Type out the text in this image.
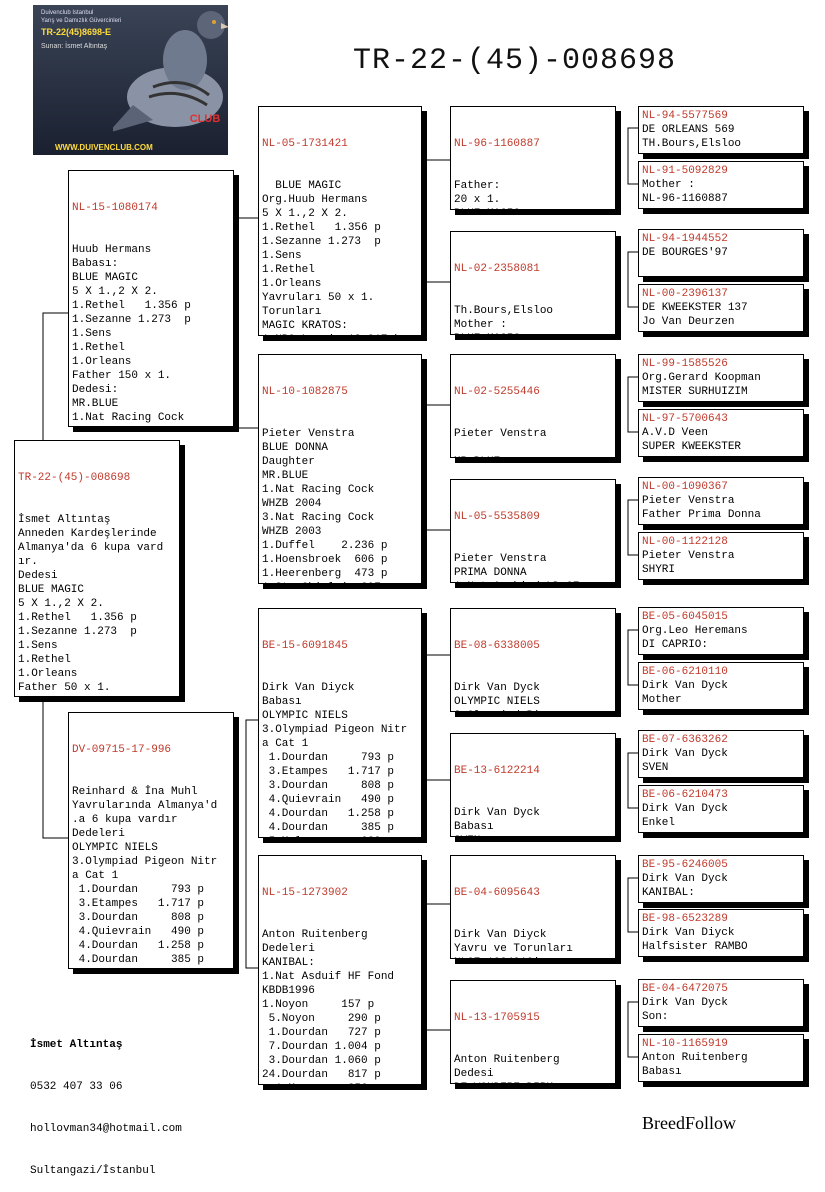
Duivenclub Istanbul
Yarış ve Damızlık Güvercinleri
TR-22(45)8698-E
Sunan: İsmet Altıntaş
CLUB
WWW.DUIVENCLUB.COM
TR-22-(45)-008698

TR-22-(45)-008698

İsmet Altıntaş
Anneden Kardeşlerinde
Almanya'da 6 kupa vard
ır.
Dedesi
BLUE MAGIC
5 X 1.,2 X 2.
1.Rethel   1.356 p
1.Sezanne 1.273  p
1.Sens
1.Rethel
1.Orleans
Father 50 x 1.

NL-15-1080174

Huub Hermans
Babası:
BLUE MAGIC
5 X 1.,2 X 2.
1.Rethel   1.356 p
1.Sezanne 1.273  p
1.Sens
1.Rethel
1.Orleans
Father 150 x 1.
Dedesi:
MR.BLUE
1.Nat Racing Cock

DV-09715-17-996

Reinhard & İna Muhl
Yavrularında Almanya'd
.a 6 kupa vardır
Dedeleri
OLYMPIC NIELS
3.Olympiad Pigeon Nitr
a Cat 1
1.Dourdan     793 p
3.Etampes   1.717 p
3.Dourdan     808 p
4.Quievrain   490 p
4.Dourdan   1.258 p
4.Dourdan     385 p

NL-05-1731421

BLUE MAGIC
Org.Huub Hermans
5 X 1.,2 X 2.
1.Rethel   1.356 p
1.Sezanne 1.273  p
1.Sens
1.Rethel
1.Orleans
Yavruları 50 x 1.
Torunları
MAGIC KRATOS:

NL-10-1082875

Pieter Venstra
BLUE DONNA
Daughter
MR.BLUE
1.Nat Racing Cock
WHZB 2004
3.Nat Racing Cock
WHZB 2003
1.Duffel    2.236 p
1.Hoensbroek  606 p
1.Heerenberg  473 p

BE-15-6091845

Dirk Van Diyck
Babası
OLYMPIC NIELS
3.Olympiad Pigeon Nitr
a Cat 1
1.Dourdan     793 p
3.Etampes   1.717 p
3.Dourdan     808 p
4.Quievrain   490 p
4.Dourdan   1.258 p
4.Dourdan     385 p

NL-15-1273902

Anton Ruitenberg
Dedeleri
KANIBAL:
1.Nat Asduif HF Fond
KBDB1996
1.Noyon     157 p
5.Noyon     290 p
1.Dourdan   727 p
7.Dourdan 1.004 p
3.Dourdan 1.060 p
24.Dourdan   817 p

NL-96-1160887

Father:
20 x 1.

NL-02-2358081

Th.Bours,Elsloo
Mother :

NL-02-5255446

Pieter Venstra

NL-05-5535809

Pieter Venstra
PRIMA DONNA

BE-08-6338005

Dirk Van Dyck
OLYMPIC NIELS

BE-13-6122214

Dirk Van Dyck
Babası

BE-04-6095643

Dirk Van Diyck
Yavru ve Torunları

NL-13-1705915

Anton Ruitenberg
Dedesi

NL-94-5577569
DE ORLEANS 569
TH.Bours,Elsloo
NL-91-5092829
Mother :
NL-96-1160887
NL-94-1944552
DE BOURGES'97

NL-00-2396137
DE KWEEKSTER 137
Jo Van Deurzen
NL-99-1585526
Org.Gerard Koopman
MISTER SURHUIZIM
NL-97-5700643
A.V.D Veen
SUPER KWEEKSTER
NL-00-1090367
Pieter Venstra
Father Prima Donna
NL-00-1122128
Pieter Venstra
SHYRI
BE-05-6045015
Org.Leo Heremans
DI CAPRIO:
BE-06-6210110
Dirk Van Dyck
Mother
BE-07-6363262
Dirk Van Dyck
SVEN
BE-06-6210473
Dirk Van Dyck
Enkel
BE-95-6246005
Dirk Van Dyck
KANIBAL:
BE-98-6523289
Dirk Van Diyck
Halfsister RAMBO
BE-04-6472075
Dirk Van Dyck
Son:
NL-10-1165919
Anton Ruitenberg
Babası

İsmet Altıntaş

0532 407 33 06

hollovman34@hotmail.com

Sultangazi/İstanbul

BreedFollow
